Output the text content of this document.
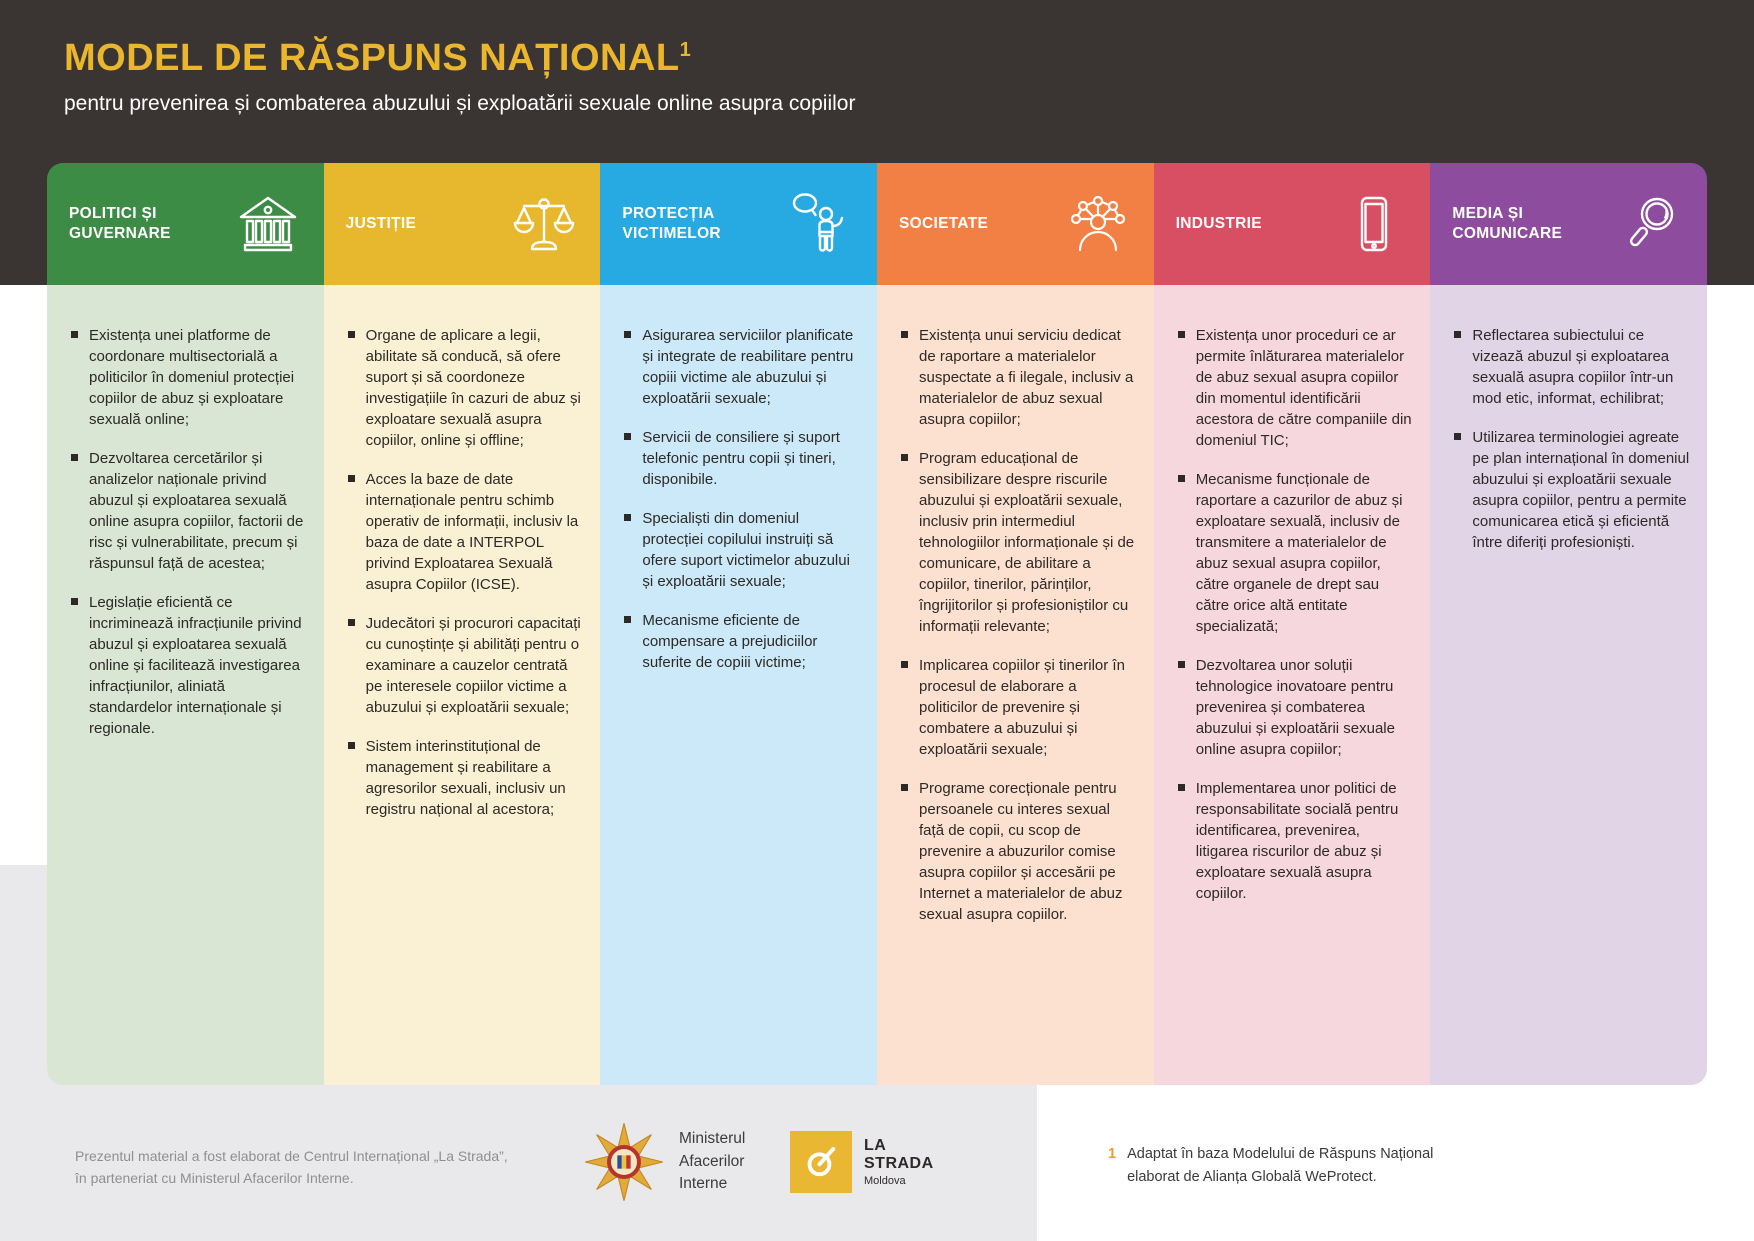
MODEL DE RĂSPUNS NAȚIONAL$^1$

pentru prevenirea și combaterea abuzului și exploatării sexuale online asupra copiilor

POLITICI ȘI GUVERNARE
Existența unei platforme de coordonare multisectorială a politicilor în domeniul protecției copiilor de abuz și exploatare sexuală online;
Dezvoltarea cercetărilor și analizelor naționale privind abuzul și exploatarea sexuală online asupra copiilor, factorii de risc și vulnerabilitate, precum și răspunsul față de acestea;
Legislație eficientă ce incriminează infracțiunile privind abuzul și exploatarea sexuală online și facilitează investigarea infracțiunilor, aliniată standardelor internaționale și regionale.
JUSTIȚIE
Organe de aplicare a legii, abilitate să conducă, să ofere suport și să coordoneze investigațiile în cazuri de abuz și exploatare sexuală asupra copiilor, online și offline;
Acces la baze de date internaționale pentru schimb operativ de informații, inclusiv la baza de date a INTERPOL privind Exploatarea Sexuală asupra Copiilor (ICSE).
Judecători și procurori capacitați cu cunoștințe și abilități pentru o examinare a cauzelor centrată pe interesele copiilor victime a abuzului și exploatării sexuale;
Sistem interinstituțional de management și reabilitare a agresorilor sexuali, inclusiv un registru național al acestora;
PROTECȚIA VICTIMELOR
Asigurarea serviciilor planificate și integrate de reabilitare pentru copiii victime ale abuzului și exploatării sexuale;
Servicii de consiliere și suport telefonic pentru copii și tineri, disponibile.
Specialiști din domeniul protecției copilului instruiți să ofere suport victimelor abuzului și exploatării sexuale;
Mecanisme eficiente de compensare a prejudiciilor suferite de copiii victime;
SOCIETATE
Existența unui serviciu dedicat de raportare a materialelor suspectate a fi ilegale, inclusiv a materialelor de abuz sexual asupra copiilor;
Program educațional de sensibilizare despre riscurile abuzului și exploatării sexuale, inclusiv prin intermediul tehnologiilor informaționale și de comunicare, de abilitare a copiilor, tinerilor, părinților, îngrijitorilor și profesioniștilor cu informații relevante;
Implicarea copiilor și tinerilor în procesul de elaborare a politicilor de prevenire și combatere a abuzului și exploatării sexuale;
Programe corecționale pentru persoanele cu interes sexual față de copii, cu scop de prevenire a abuzurilor comise asupra copiilor și accesării pe Internet a materialelor de abuz sexual asupra copiilor.
INDUSTRIE
Existența unor proceduri ce ar permite înlăturarea materialelor de abuz sexual asupra copiilor din momentul identificării acestora de către companiile din domeniul TIC;
Mecanisme funcționale de raportare a cazurilor de abuz și exploatare sexuală, inclusiv de transmitere a materialelor de abuz sexual asupra copiilor, către organele de drept sau către orice altă entitate specializată;
Dezvoltarea unor soluții tehnologice inovatoare pentru prevenirea și combaterea abuzului și exploatării sexuale online asupra copiilor;
Implementarea unor politici de responsabilitate socială pentru identificarea, prevenirea, litigarea riscurilor de abuz și exploatare sexuală asupra copiilor.
MEDIA ȘI COMUNICARE
Reflectarea subiectului ce vizează abuzul și exploatarea sexuală asupra copiilor într-un mod etic, informat, echilibrat;
Utilizarea terminologiei agreate pe plan internațional în domeniul abuzului și exploatării sexuale asupra copiilor, pentru a permite comunicarea etică și eficientă între diferiți profesioniști.

Prezentul material a fost elaborat de Centrul Internațional „La Strada”, în parteneriat cu Ministerul Afacerilor Interne.

Ministerul Afacerilor Interne
LA STRADA
Moldova
1 Adaptat în baza Modelului de Răspuns Național elaborat de Alianța Globală WeProtect.
